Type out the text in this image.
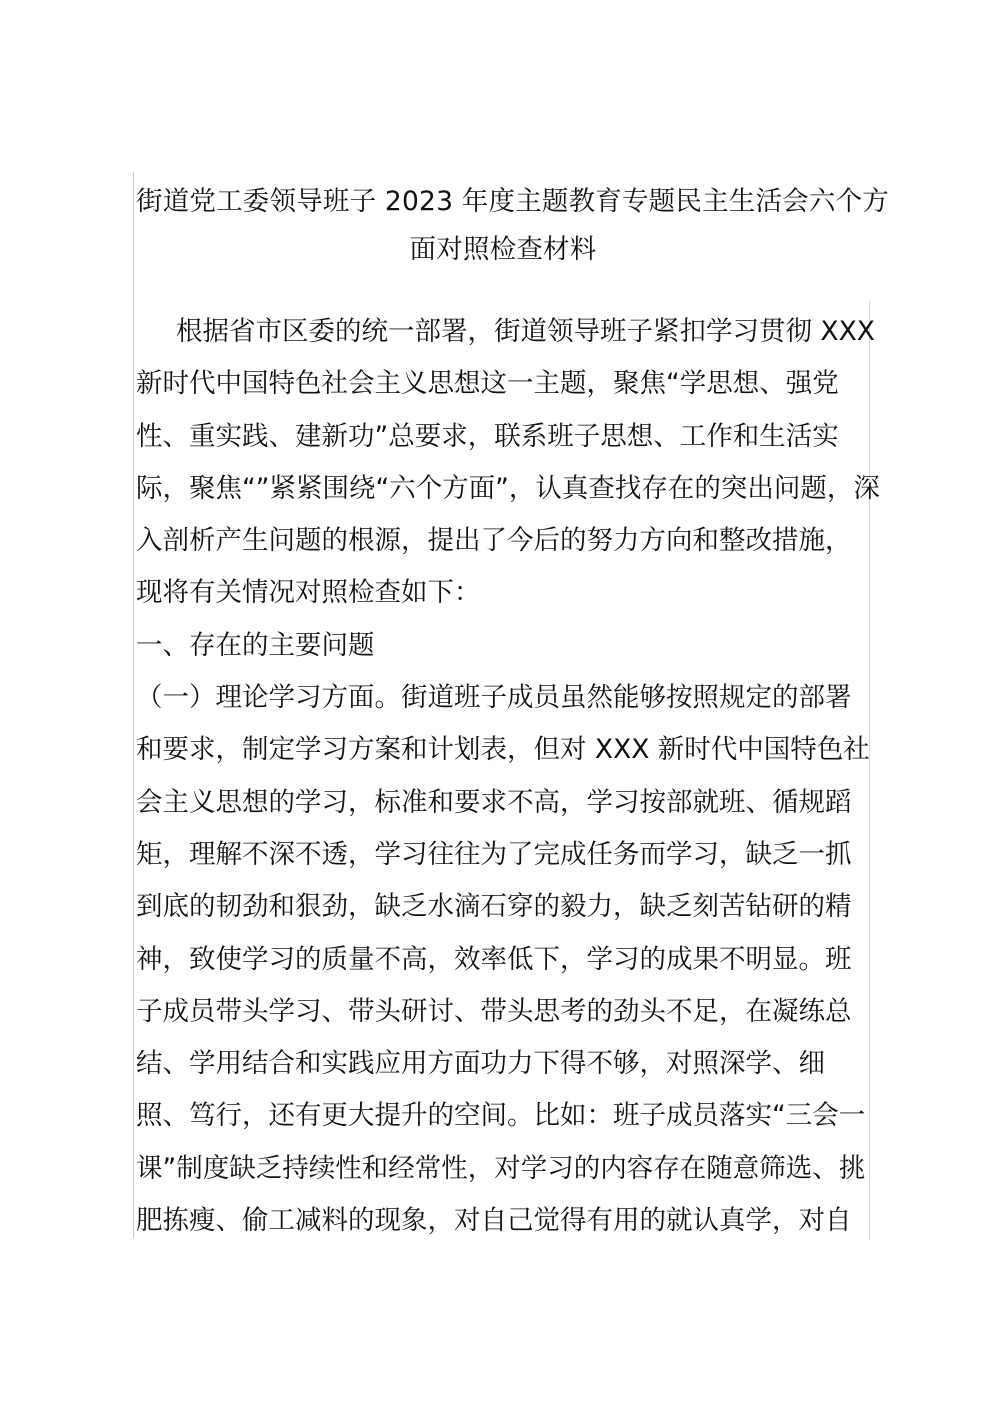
街道党工委领导班子 2023 年度主题教育专题民主生活会六个方
面对照检查材料
根据省市区委的统一部署，街道领导班子紧扣学习贯彻 XXX
新时代中国特色社会主义思想这一主题，聚焦“学思想、强党
性、重实践、建新功”总要求，联系班子思想、工作和生活实
际，聚焦“”紧紧围绕“六个方面”，认真查找存在的突出问题，深
入剖析产生问题的根源，提出了今后的努力方向和整改措施，
现将有关情况对照检查如下：
一、存在的主要问题
（一）理论学习方面。街道班子成员虽然能够按照规定的部署
和要求，制定学习方案和计划表，但对 XXX 新时代中国特色社
会主义思想的学习，标准和要求不高，学习按部就班、循规蹈
矩，理解不深不透，学习往往为了完成任务而学习，缺乏一抓
到底的韧劲和狠劲，缺乏水滴石穿的毅力，缺乏刻苦钻研的精
神，致使学习的质量不高，效率低下，学习的成果不明显。班
子成员带头学习、带头研讨、带头思考的劲头不足，在凝练总
结、学用结合和实践应用方面功力下得不够，对照深学、细
照、笃行，还有更大提升的空间。比如：班子成员落实“三会一
课”制度缺乏持续性和经常性，对学习的内容存在随意筛选、挑
肥拣瘦、偷工减料的现象，对自己觉得有用的就认真学，对自
